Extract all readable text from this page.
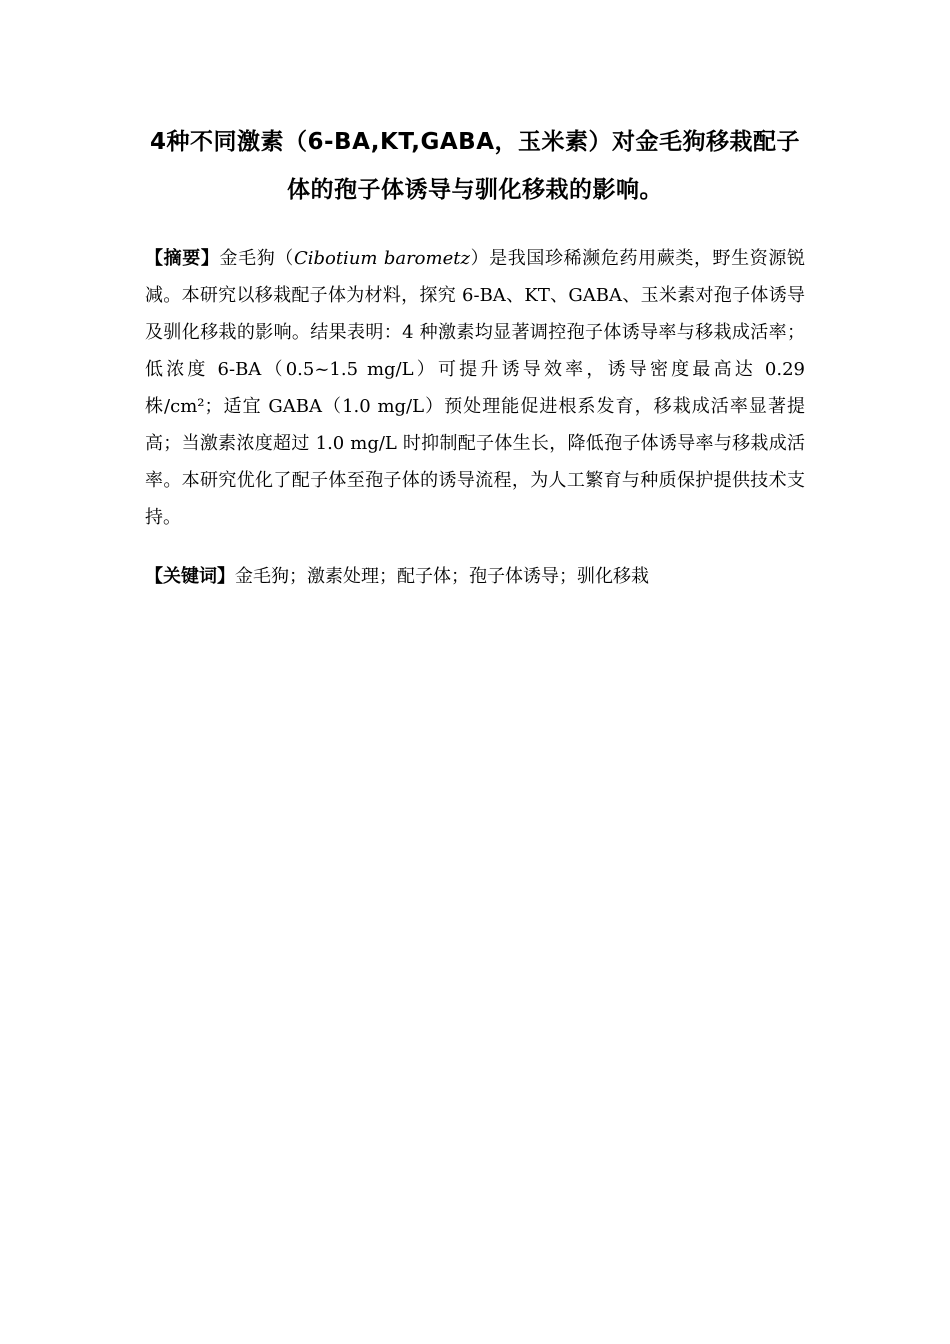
4种不同激素（6-BA,KT,GABA，玉米素）对金毛狗移栽配子
体的孢子体诱导与驯化移栽的影响。

【摘要】金毛狗（Cibotium barometz）是我国珍稀濒危药用蕨类，野生资源锐减。本研究以移栽配子体为材料，探究 6-BA、KT、GABA、玉米素对孢子体诱导及驯化移栽的影响。结果表明：4 种激素均显著调控孢子体诱导率与移栽成活率；低浓度 6-BA（0.5~1.5 mg/L）可提升诱导效率，诱导密度最高达 0.29 株/cm²；适宜 GABA（1.0 mg/L）预处理能促进根系发育，移栽成活率显著提高；当激素浓度超过 1.0 mg/L 时抑制配子体生长，降低孢子体诱导率与移栽成活率。本研究优化了配子体至孢子体的诱导流程，为人工繁育与种质保护提供技术支持。

【关键词】金毛狗；激素处理；配子体；孢子体诱导；驯化移栽
